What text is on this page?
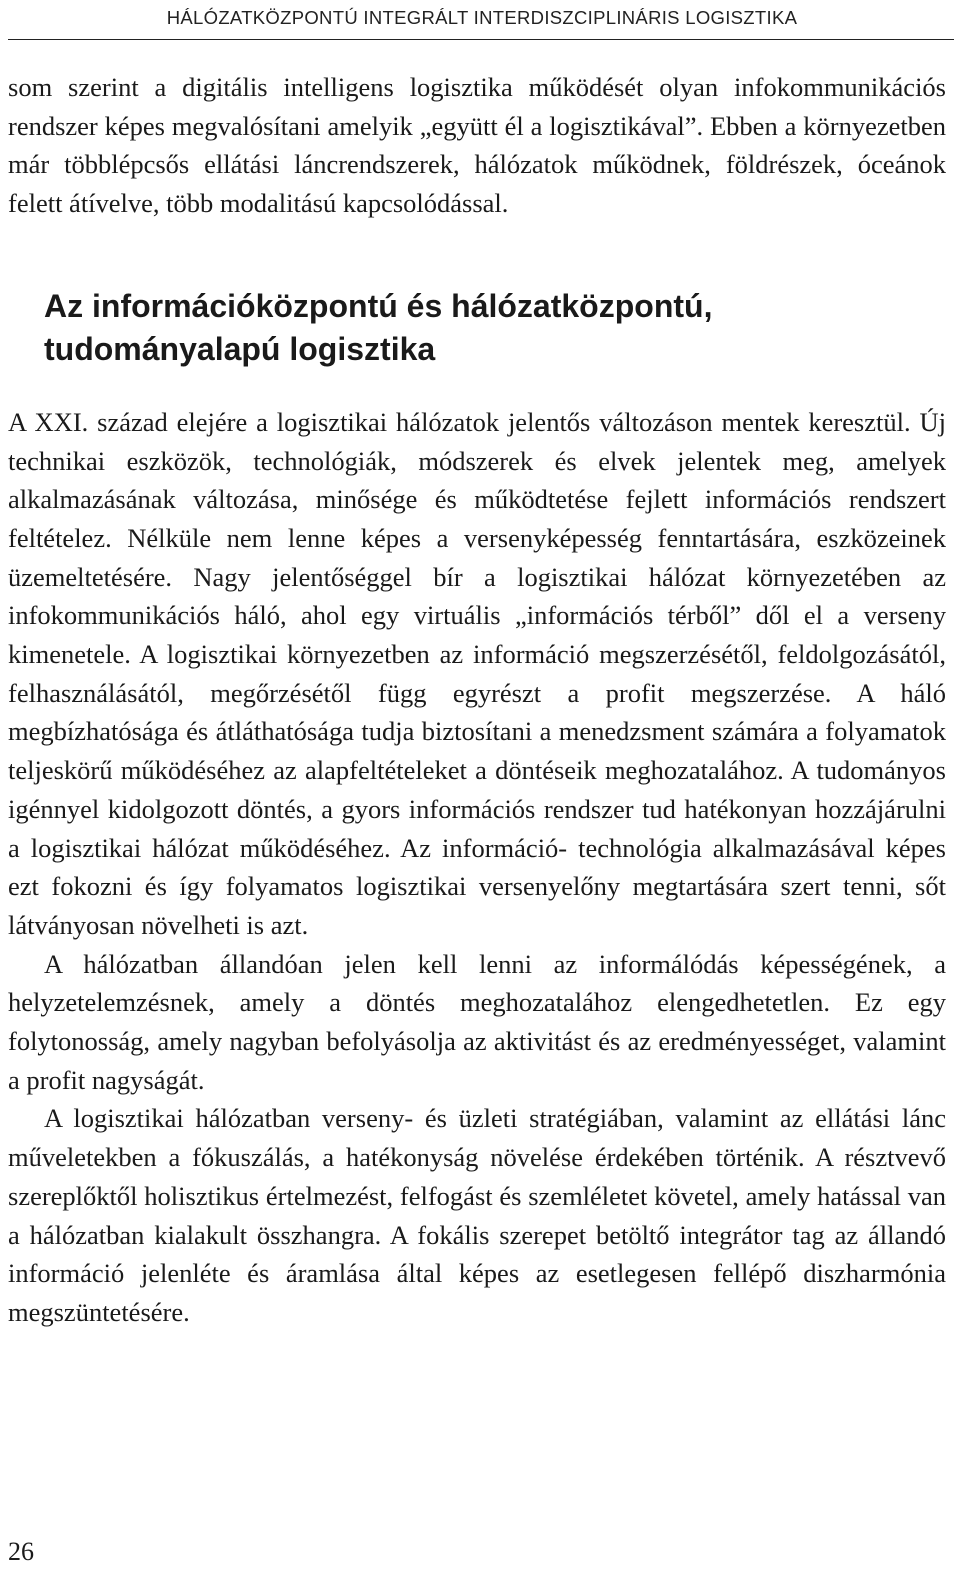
HÁLÓZATKÖZPONTÚ INTEGRÁLT INTERDISZCIPLINÁRIS LOGISZTIKA

som szerint a digitális intelligens logisztika működését olyan infokommunikációs rendszer képes megvalósítani amelyik „együtt él a logisztikával”. Ebben a környezetben már többlépcsős ellátási láncrendszerek, hálózatok működnek, földrészek, óceánok felett átívelve, több modalitású kapcsolódással.

Az információközpontú és hálózatközpontú, tudományalapú logisztika

A XXI. század elejére a logisztikai hálózatok jelentős változáson mentek keresztül. Új technikai eszközök, technológiák, módszerek és elvek jelentek meg, amelyek alkalmazásának változása, minősége és működtetése fejlett információs rendszert feltételez. Nélküle nem lenne képes a versenyképesség fenntartására, eszközeinek üzemeltetésére. Nagy jelentőséggel bír a logisztikai hálózat környezetében az infokommunikációs háló, ahol egy virtuális „információs térből” dől el a verseny kimenetele. A logisztikai környezetben az információ megszerzésétől, feldolgozásától, felhasználásától, megőrzésétől függ egyrészt a profit megszerzése. A háló megbízhatósága és átláthatósága tudja biztosítani a menedzsment számára a folyamatok teljeskörű működéséhez az alapfeltételeket a döntéseik meghozatalához. A tudományos igénnyel kidolgozott döntés, a gyors információs rendszer tud hatékonyan hozzájárulni a logisztikai hálózat működéséhez. Az információ- technológia alkalmazásával képes ezt fokozni és így folyamatos logisztikai versenyelőny megtartására szert tenni, sőt látványosan növelheti is azt.

A hálózatban állandóan jelen kell lenni az informálódás képességének, a helyzetelemzésnek, amely a döntés meghozatalához elengedhetetlen. Ez egy folytonosság, amely nagyban befolyásolja az aktivitást és az eredményességet, valamint a profit nagyságát.

A logisztikai hálózatban verseny- és üzleti stratégiában, valamint az ellátási lánc műveletekben a fókuszálás, a hatékonyság növelése érdekében történik. A résztvevő szereplőktől holisztikus értelmezést, felfogást és szemléletet követel, amely hatással van a hálózatban kialakult összhangra. A fokális szerepet betöltő integrátor tag az állandó információ jelenléte és áramlása által képes az esetlegesen fellépő diszharmónia megszüntetésére.

26
